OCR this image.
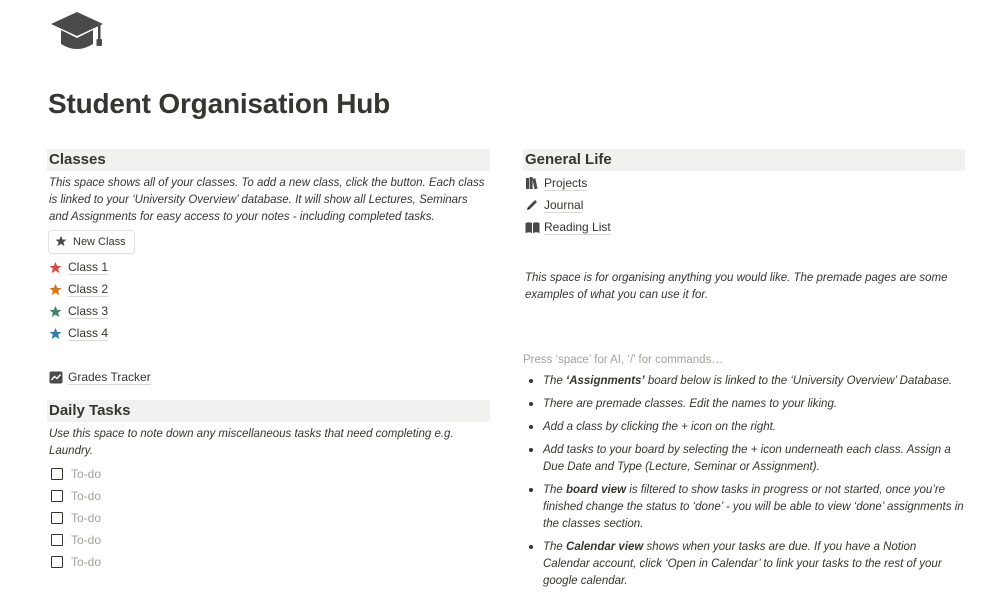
Student Organisation Hub
Classes
This space shows all of your classes. To add a new class, click the button. Each class is linked to your ‘University Overview’ database. It will show all Lectures, Seminars and Assignments for easy access to your notes - including completed tasks.
New Class
Class 1
Class 2
Class 3
Class 4
Grades Tracker
Daily Tasks
Use this space to note down any miscellaneous tasks that need completing e.g. Laundry.
To-do
To-do
To-do
To-do
To-do
General Life
Projects
Journal
Reading List
This space is for organising anything you would like. The premade pages are some examples of what you can use it for.
Press ‘space’ for AI, ‘/’ for commands…
• The ‘Assignments’ board below is linked to the ‘University Overview’ Database.
• There are premade classes. Edit the names to your liking.
• Add a class by clicking the + icon on the right.
• Add tasks to your board by selecting the + icon underneath each class. Assign a Due Date and Type (Lecture, Seminar or Assignment).
• The board view is filtered to show tasks in progress or not started, once you’re finished change the status to ‘done’ - you will be able to view ‘done’ assignments in the classes section.
• The Calendar view shows when your tasks are due. If you have a Notion Calendar account, click ‘Open in Calendar’ to link your tasks to the rest of your google calendar.
